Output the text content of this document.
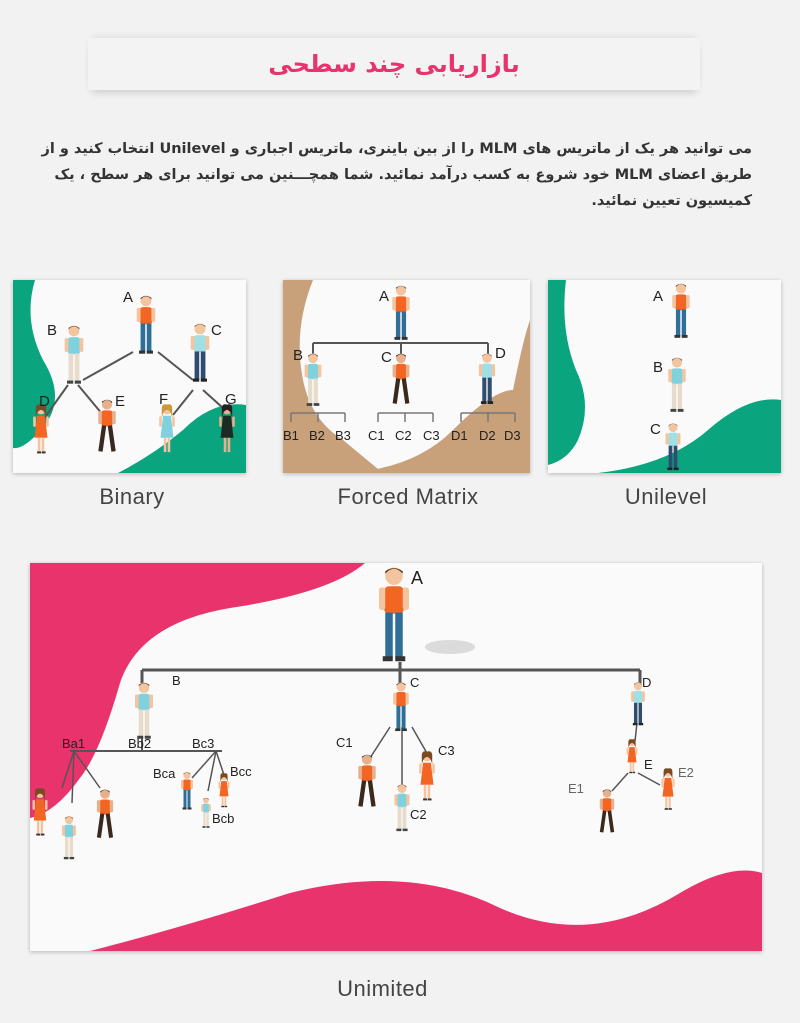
بازاریابی چند سطحی
می توانید هر یک از ماتریس های MLM را از بین باینری، ماتریس اجباری و Unilevel انتخاب کنید و از طریق اعضای MLM خود شروع به کسب درآمد نمائید. شما همچـــنین می توانید برای هر سطح ، یک کمیسیون تعیین نمائید.
A
B	C
D	E F	G
Binary
A
B	C	D
B1 B2 B3 C1 C2 C3 D1 D2 D3
Forced Matrix
A
B
C
Unilevel
A
B	C	D
Ba1	Bb2	Bc3
Bca
Bcb
Bcc
C1
C2
C3
E
E1
E2
Unimited
